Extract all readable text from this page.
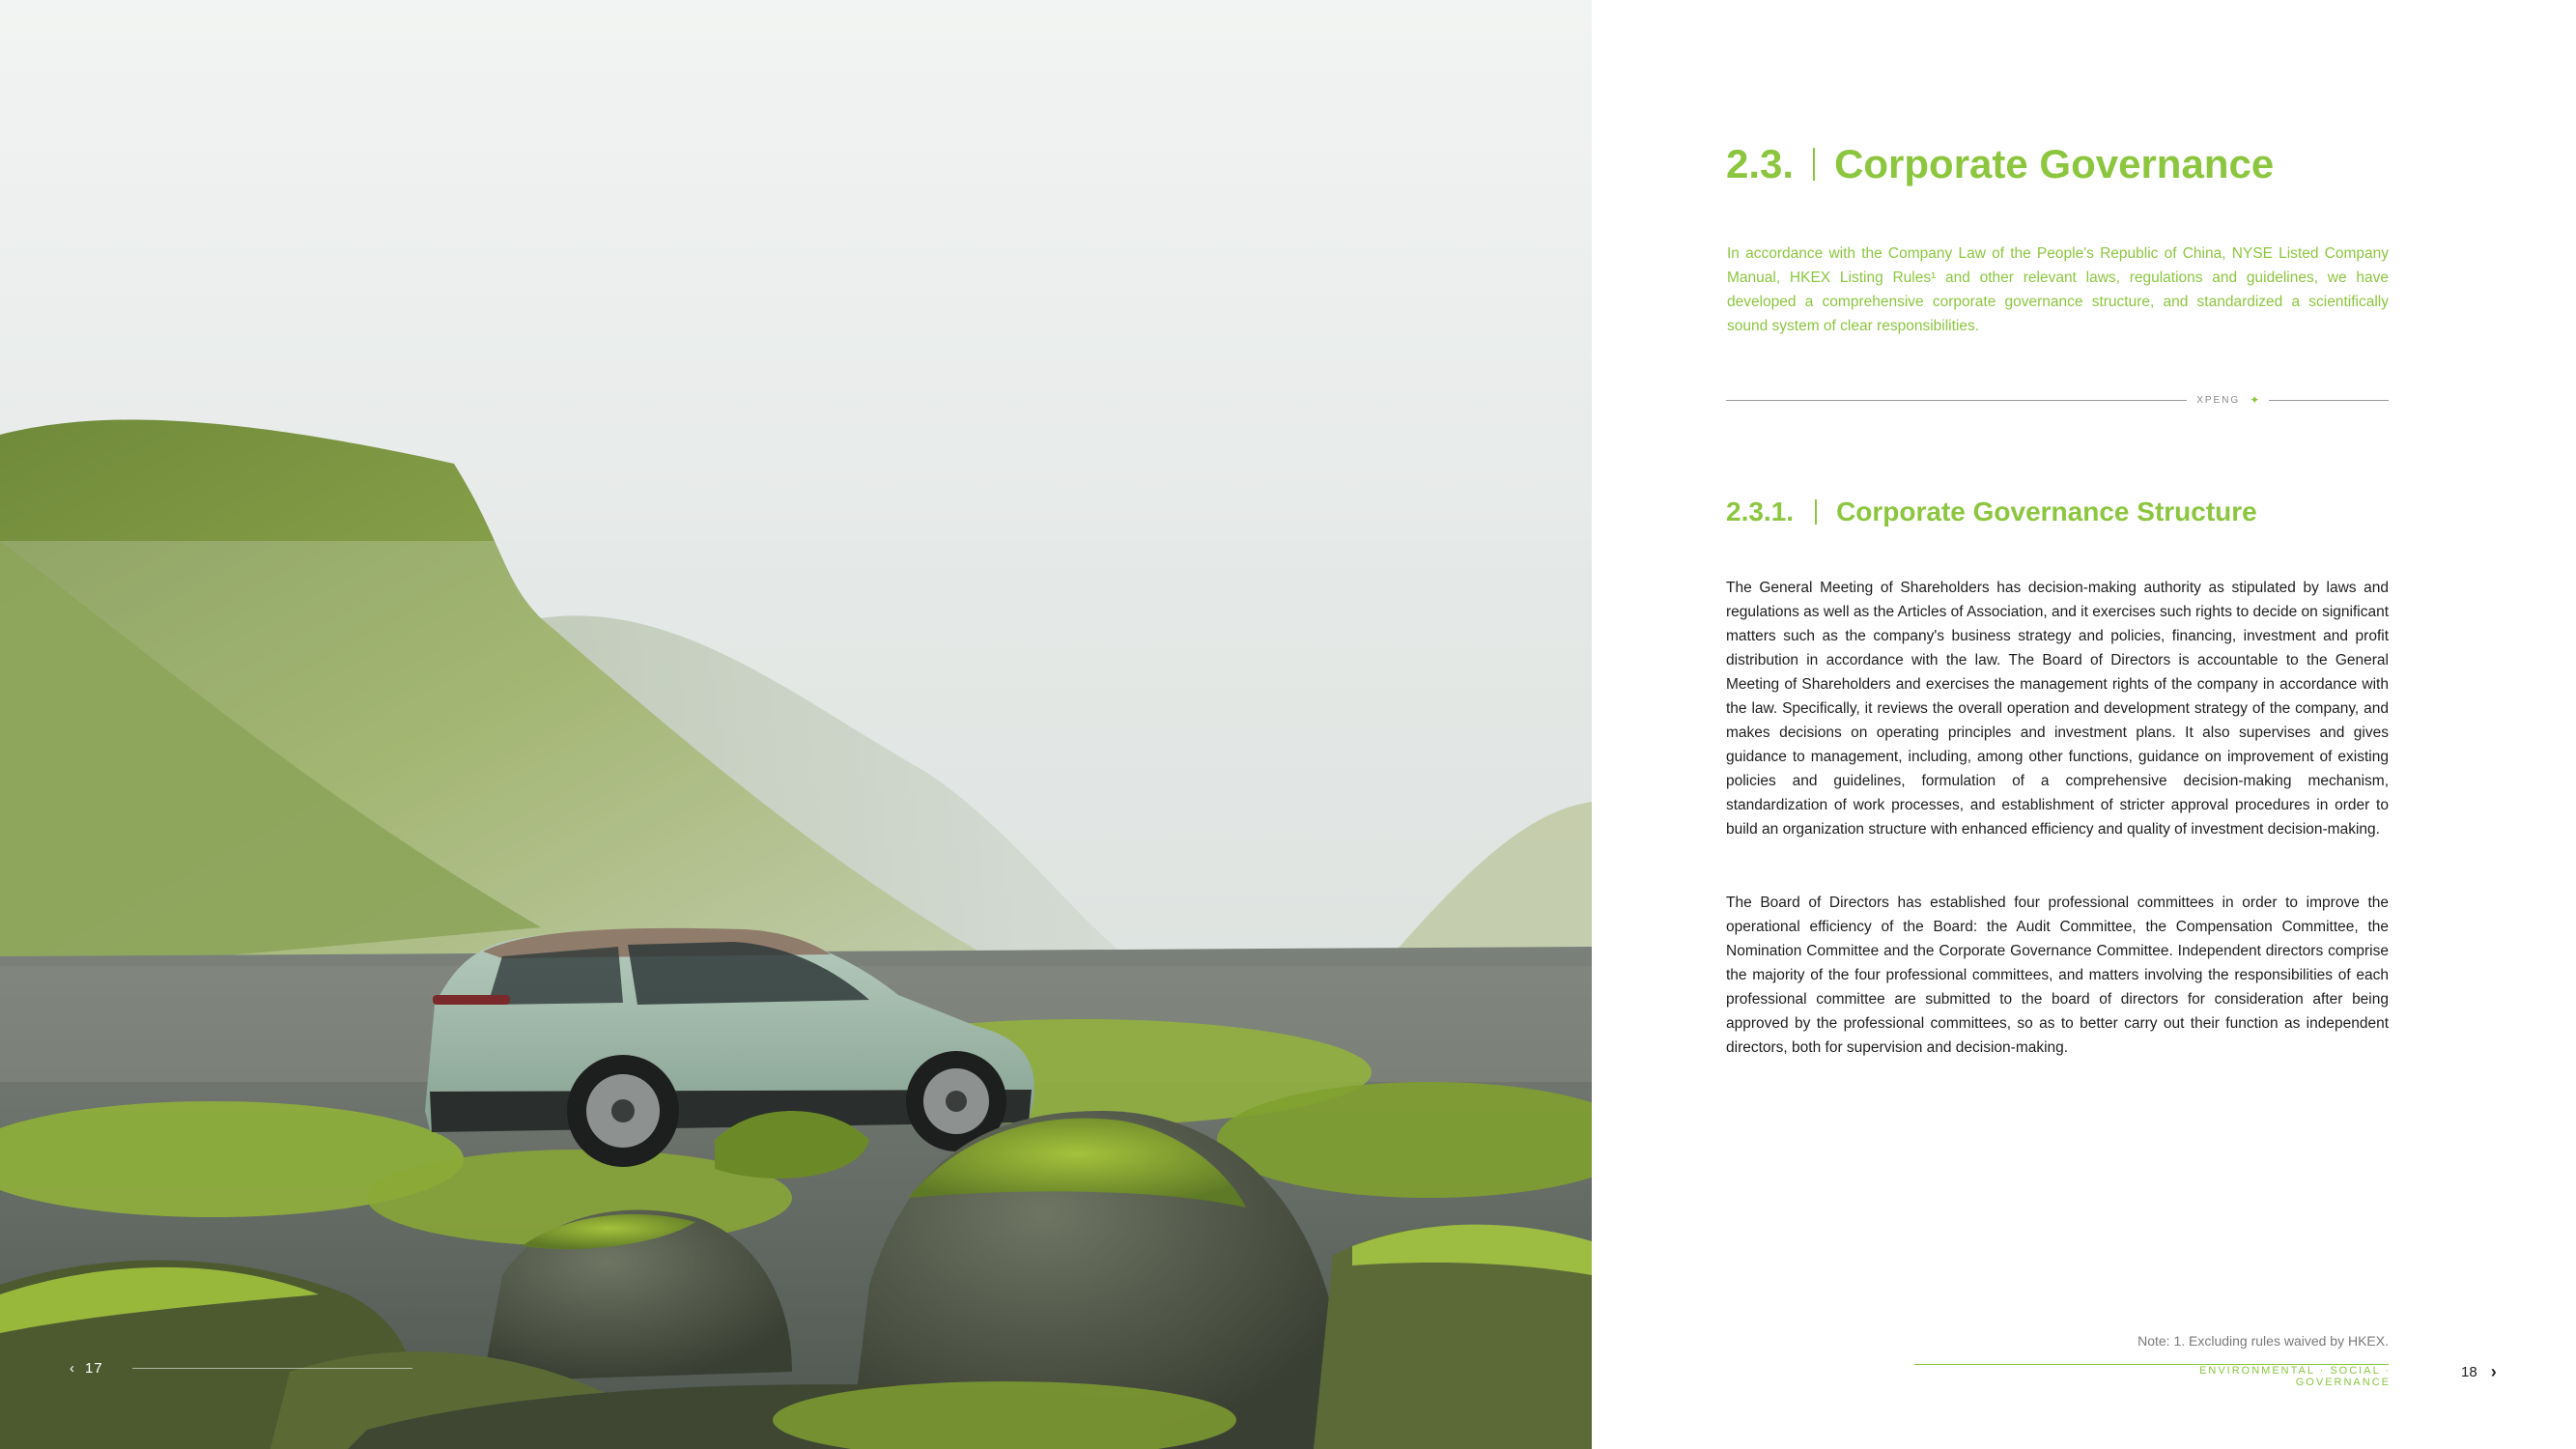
‹ 17
2.3. Corporate Governance

In accordance with the Company Law of the People's Republic of China, NYSE Listed Company Manual, HKEX Listing Rules¹ and other relevant laws, regulations and guidelines, we have developed a comprehensive corporate governance structure, and standardized a scientifically sound system of clear responsibilities.

XPENG ✦
2.3.1. Corporate Governance Structure

The General Meeting of Shareholders has decision-making authority as stipulated by laws and regulations as well as the Articles of Association, and it exercises such rights to decide on significant matters such as the company's business strategy and policies, financing, investment and profit distribution in accordance with the law. The Board of Directors is accountable to the General Meeting of Shareholders and exercises the management rights of the company in accordance with the law. Specifically, it reviews the overall operation and development strategy of the company, and makes decisions on operating principles and investment plans. It also supervises and gives guidance to management, including, among other functions, guidance on improvement of existing policies and guidelines, formulation of a comprehensive decision-making mechanism, standardization of work processes, and establishment of stricter approval procedures in order to build an organization structure with enhanced efficiency and quality of investment decision-making.

The Board of Directors has established four professional committees in order to improve the operational efficiency of the Board: the Audit Committee, the Compensation Committee, the Nomination Committee and the Corporate Governance Committee. Independent directors comprise the majority of the four professional committees, and matters involving the responsibilities of each professional committee are submitted to the board of directors for consideration after being approved by the professional committees, so as to better carry out their function as independent directors, both for supervision and decision-making.

Note: 1. Excluding rules waived by HKEX.
ENVIRONMENTAL · SOCIAL · GOVERNANCE
18 ›
